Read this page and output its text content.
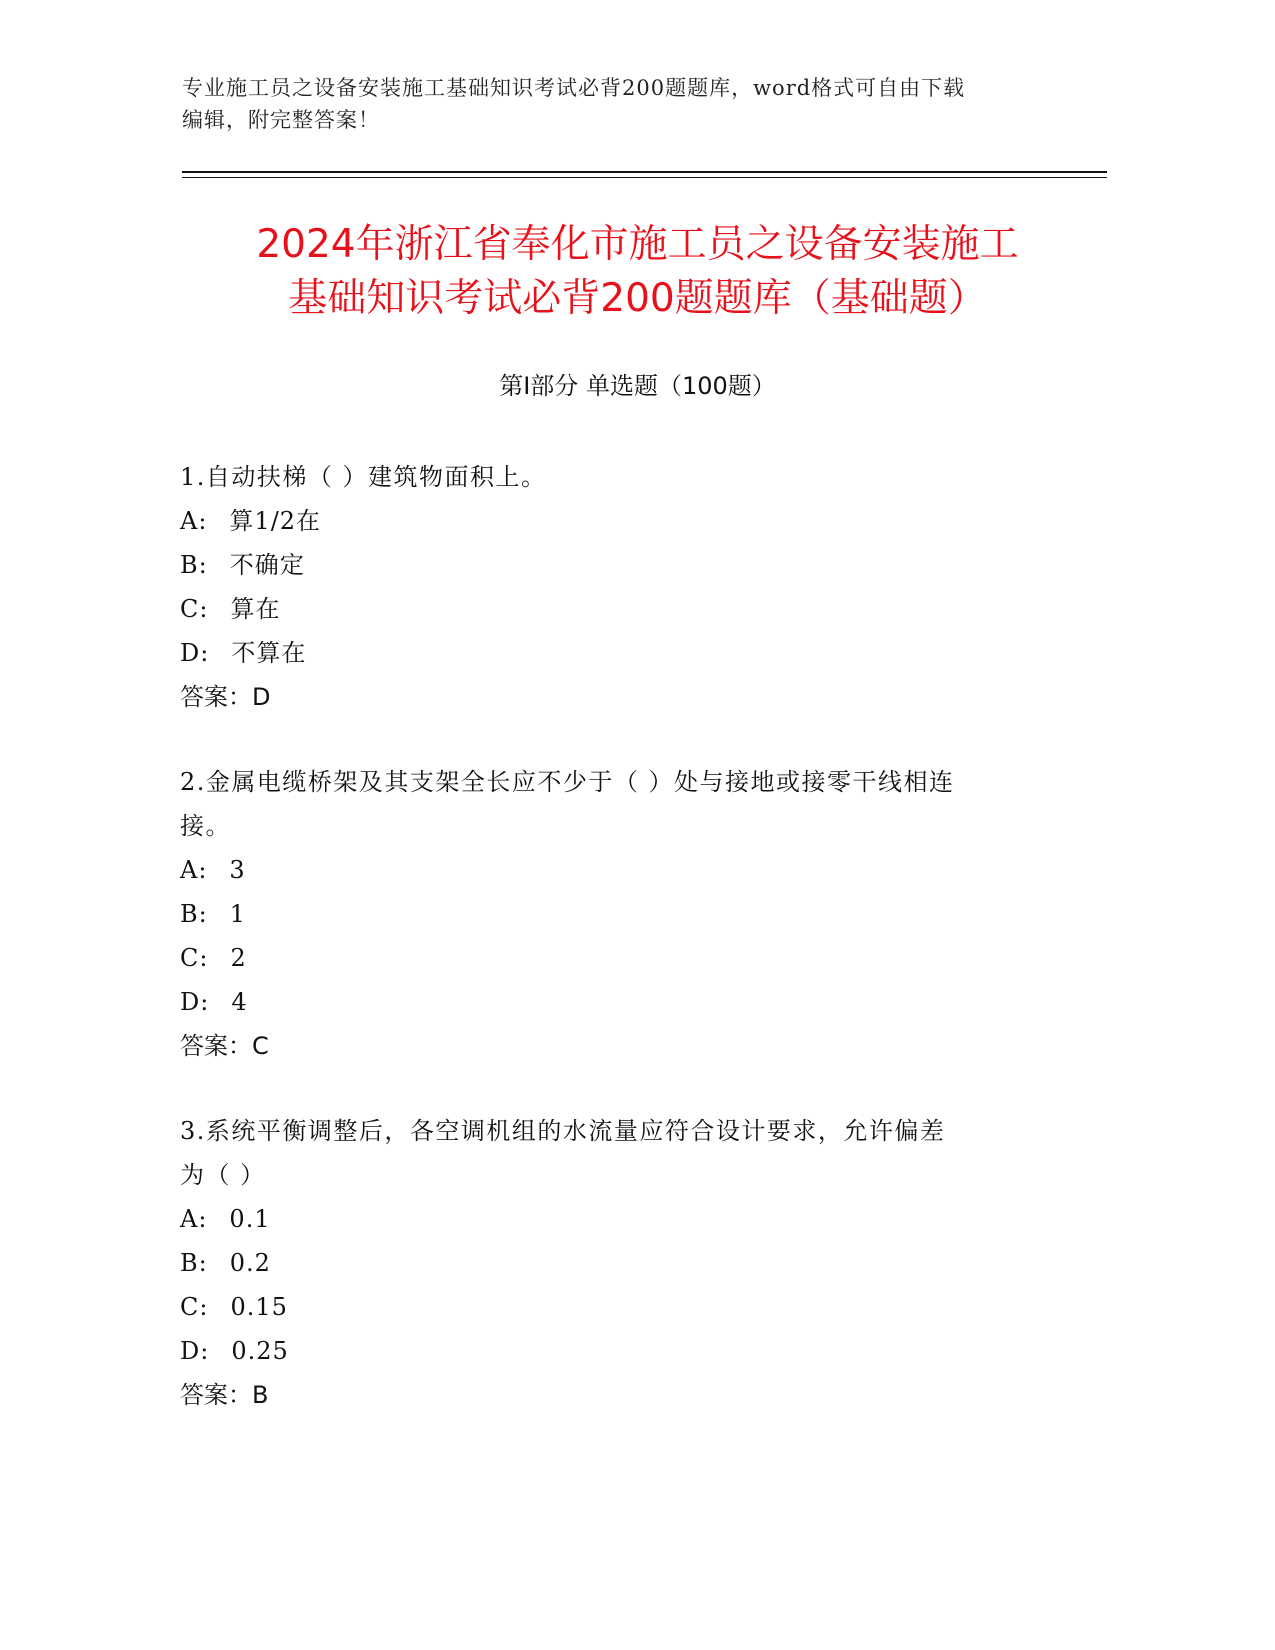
专业施工员之设备安装施工基础知识考试必背200题题库，word格式可自由下载
编辑，附完整答案！
2024年浙江省奉化市施工员之设备安装施工
基础知识考试必背200题题库（基础题）
第Ⅰ部分 单选题（100题）
1.自动扶梯（ ）建筑物面积上。
A: 算1/2在
B: 不确定
C: 算在
D: 不算在
答案：D
2.金属电缆桥架及其支架全长应不少于（ ）处与接地或接零干线相连
接。
A: 3
B: 1
C: 2
D: 4
答案：C
3.系统平衡调整后，各空调机组的水流量应符合设计要求，允许偏差
为（ ）
A: 0.1
B: 0.2
C: 0.15
D: 0.25
答案：B
